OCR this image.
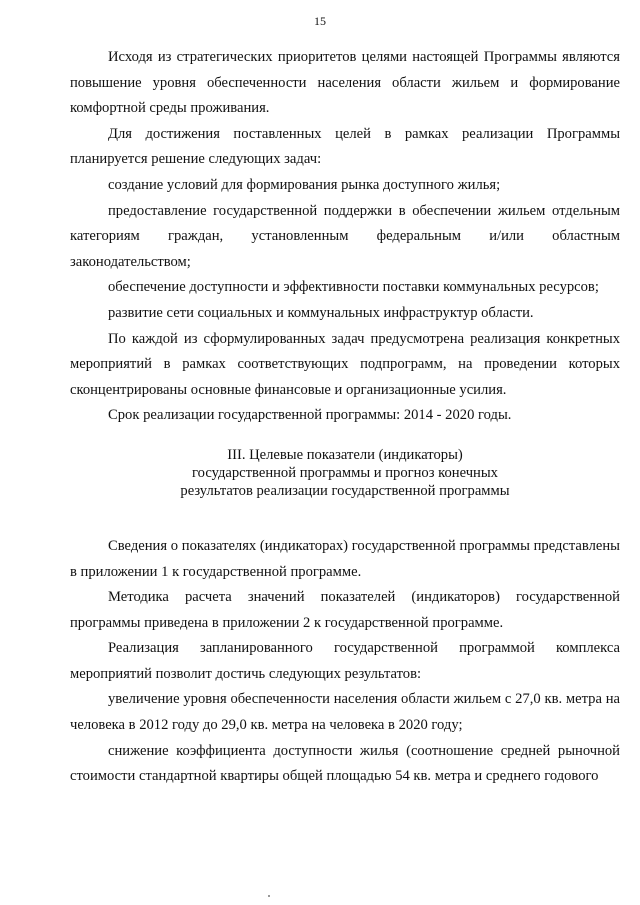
15

Исходя из стратегических приоритетов целями настоящей Программы являются повышение уровня обеспеченности населения области жильем и формирование комфортной среды проживания.

Для достижения поставленных целей в рамках реализации Программы планируется решение следующих задач:

создание условий для формирования рынка доступного жилья;

предоставление государственной поддержки в обеспечении жильем отдельным категориям граждан, установленным федеральным и/или областным законодательством;

обеспечение доступности и эффективности поставки коммунальных ресурсов;

развитие сети социальных и коммунальных инфраструктур области.

По каждой из сформулированных задач предусмотрена реализация конкретных мероприятий в рамках соответствующих подпрограмм, на проведении которых сконцентрированы основные финансовые и организационные усилия.

Срок реализации государственной программы: 2014 - 2020 годы.

III. Целевые показатели (индикаторы)
государственной программы и прогноз конечных
результатов реализации государственной программы

Сведения о показателях (индикаторах) государственной программы представлены в приложении 1 к государственной программе.

Методика расчета значений показателей (индикаторов) государственной программы приведена в приложении 2 к государственной программе.

Реализация запланированного государственной программой комплекса мероприятий позволит достичь следующих результатов:

увеличение уровня обеспеченности населения области жильем с 27,0 кв. метра на человека в 2012 году до 29,0 кв. метра на человека в 2020 году;

снижение коэффициента доступности жилья (соотношение средней рыночной стоимости стандартной квартиры общей площадью 54 кв. метра и среднего годового
